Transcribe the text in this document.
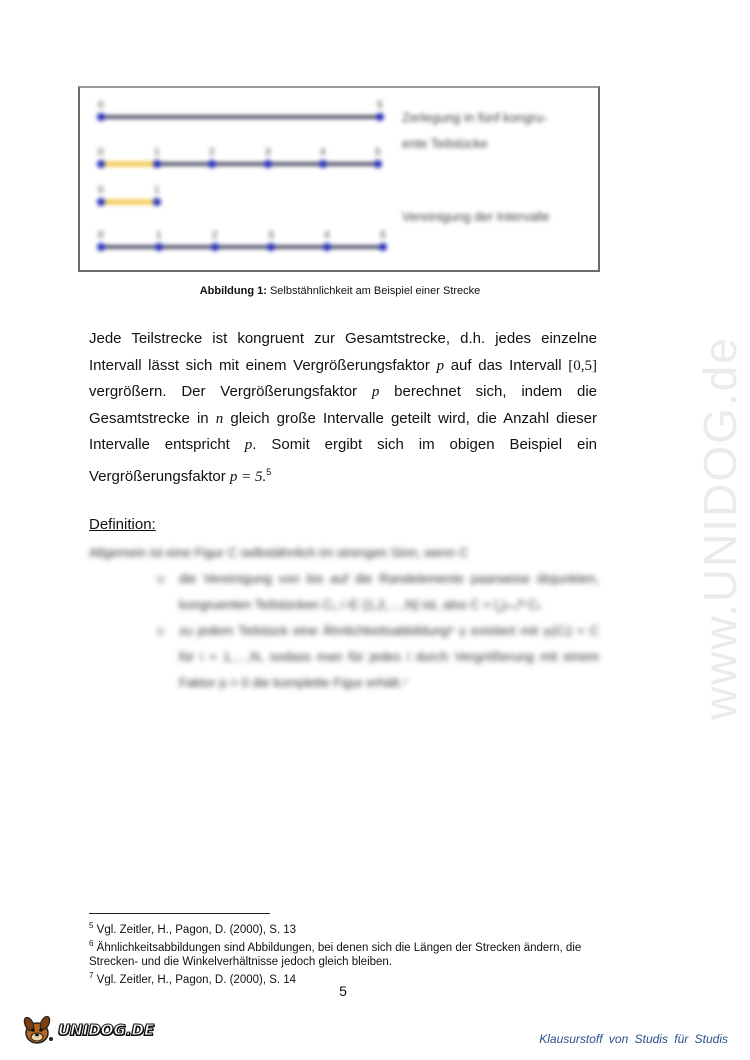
0	5
0	1	2	3	4	5
0	1
0	1	2	3	4	5
Zerlegung in fünf kongru-
ente Teilstücke
Vereinigung der Intervalle
Abbildung 1: Selbstähnlichkeit am Beispiel einer Strecke
Jede Teilstrecke ist kongruent zur Gesamtstrecke, d.h. jedes einzelne Intervall lässt sich mit einem Vergrößerungsfaktor p auf das Intervall [0,5] vergrößern. Der Vergrößerungsfaktor p berechnet sich, indem die Gesamtstrecke in n gleich große Intervalle geteilt wird, die Anzahl dieser Intervalle entspricht p. Somit ergibt sich im obigen Beispiel ein Vergrößerungsfaktor p = 5.$^5$
Definition:
Allgemein ist eine Figur C selbstähnlich im strengen Sinn, wenn C
o die Vereinigung von bis auf die Randelemente paarweise disjunkten, kongruenten Teilstücken Cᵢ, i ∈ {1,2,…,N} ist, also C = ⋃ᵢ₌₁ᴺ Cᵢ.
o zu jedem Teilstück eine Ähnlichkeitsabbildung⁶ γ existiert mit γᵢ(Cᵢ) = C für i = 1,…,N, sodass man für jedes i durch Vergrößerung mit einem Faktor p > 0 die komplette Figur erhält.⁷
$^5$ Vgl. Zeitler, H., Pagon, D. (2000), S. 13
$^6$ Ähnlichkeitsabbildungen sind Abbildungen, bei denen sich die Längen der Strecken ändern, die Strecken- und die Winkelverhältnisse jedoch gleich bleiben.
$^7$ Vgl. Zeitler, H., Pagon, D. (2000), S. 14
5
www.UNIDOG.de
UNIDOG.DE	Klausurstoff von Studis für Studis
